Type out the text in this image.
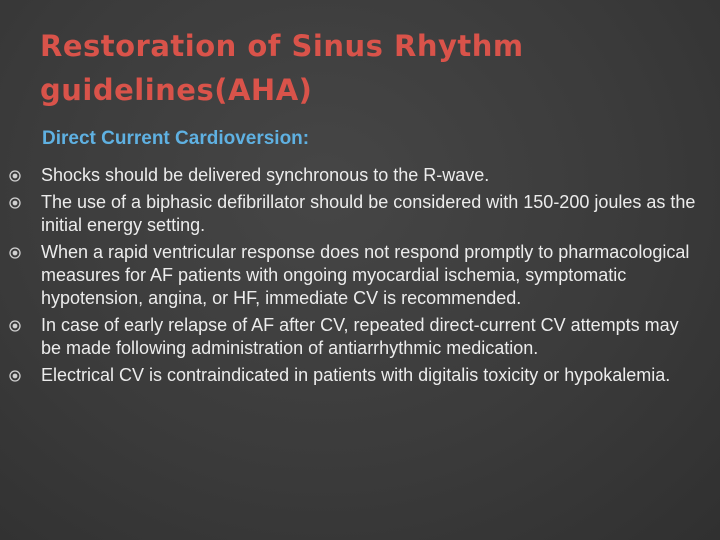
Restoration of Sinus Rhythm guidelines(AHA)
Direct Current Cardioversion:
Shocks should be delivered synchronous to the R-wave.
The use of a biphasic defibrillator should be considered with 150-200 joules as the initial energy setting.
When a rapid ventricular response does not respond promptly to pharmacological measures for AF patients with ongoing myocardial ischemia, symptomatic hypotension, angina, or HF, immediate CV is recommended.
In case of early relapse of AF after CV, repeated direct-current CV attempts may be made following administration of antiarrhythmic medication.
Electrical CV is contraindicated in patients with digitalis toxicity or hypokalemia.
